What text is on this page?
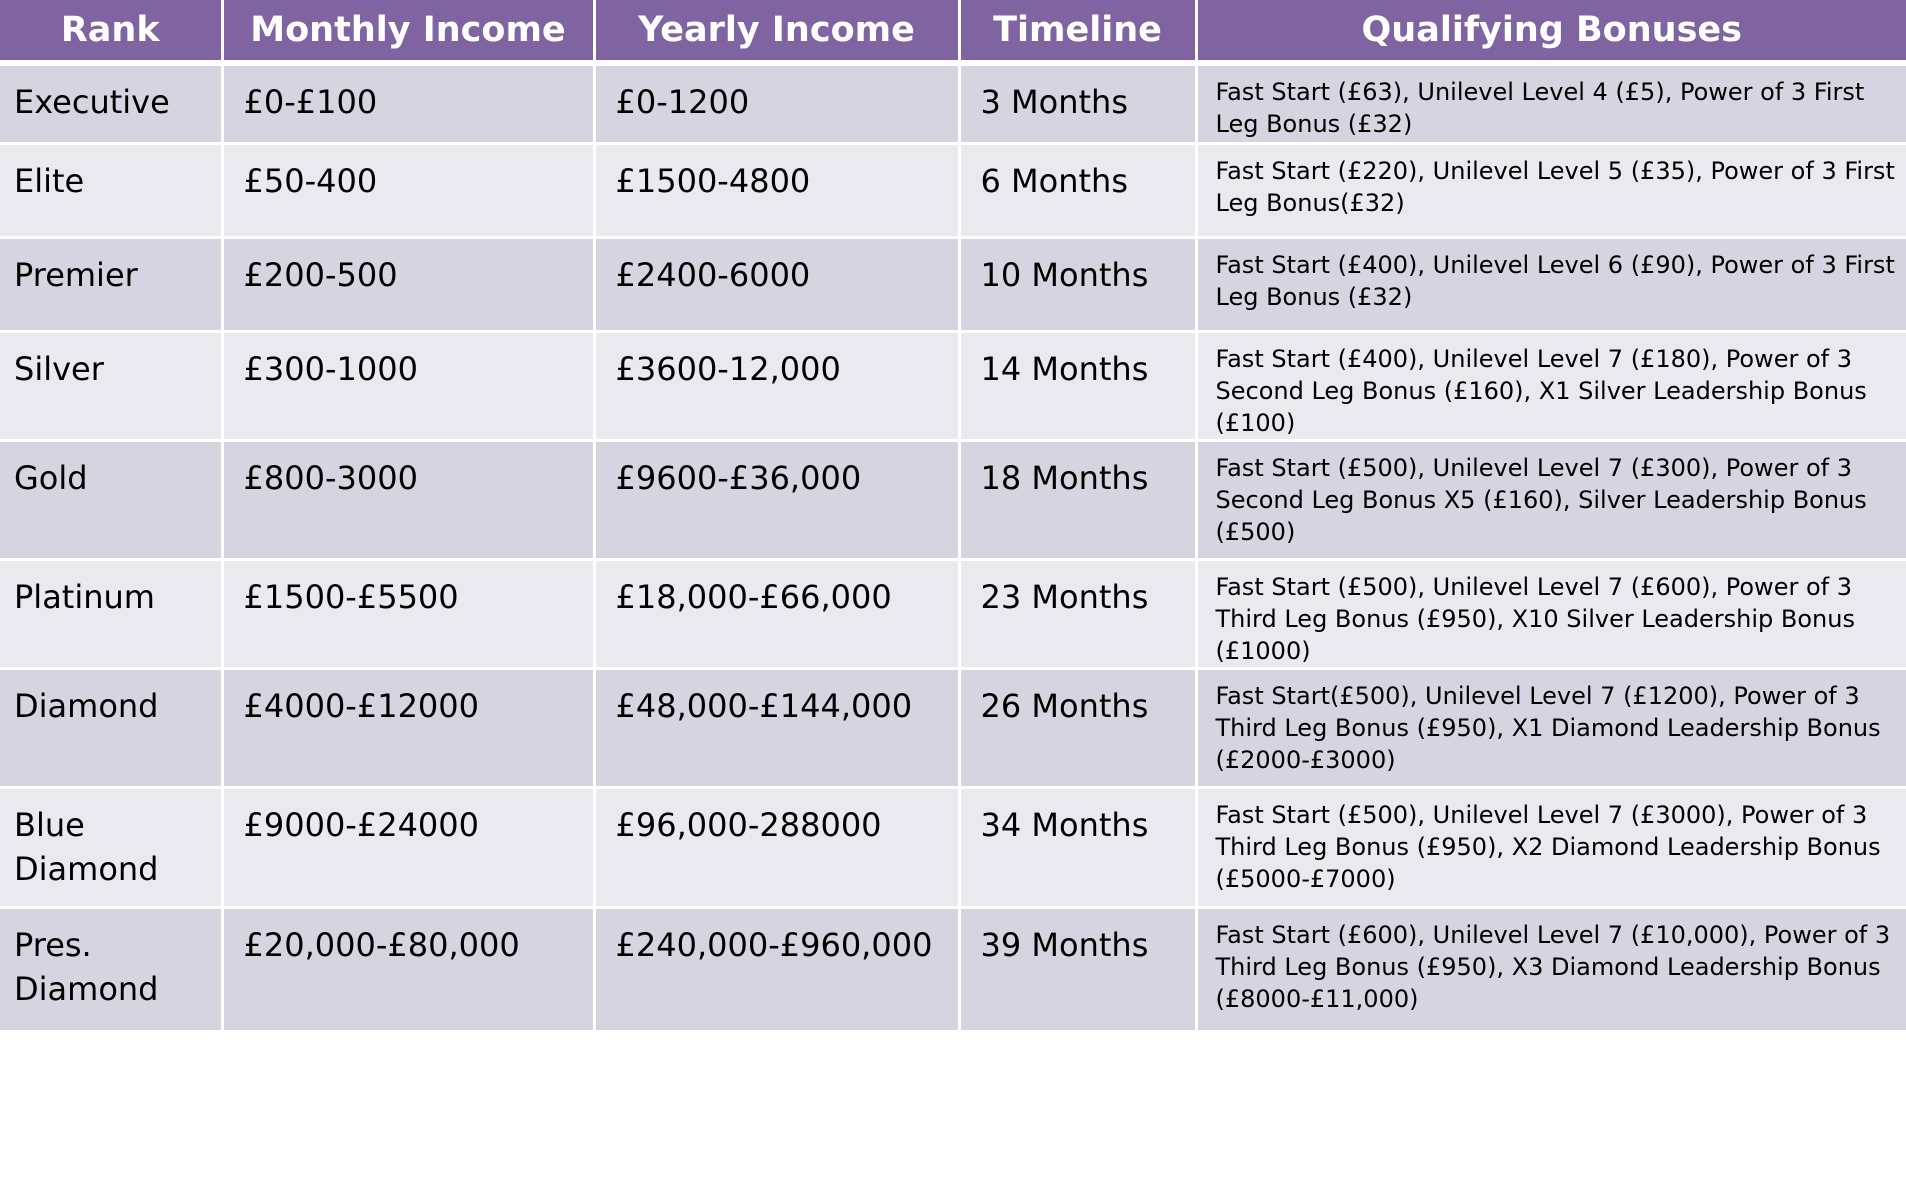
Rank	Monthly Income	Yearly Income	Timeline	Qualifying Bonuses
Executive	£0-£100	£0-1200	3 Months	Fast Start (£63), Unilevel Level 4 (£5), Power of 3 First Leg Bonus (£32)
Elite	£50-400	£1500-4800	6 Months	Fast Start (£220), Unilevel Level 5 (£35), Power of 3 First Leg Bonus(£32)
Premier	£200-500	£2400-6000	10 Months	Fast Start (£400), Unilevel Level 6 (£90), Power of 3 First Leg Bonus (£32)
Silver	£300-1000	£3600-12,000	14 Months	Fast Start (£400), Unilevel Level 7 (£180), Power of 3 Second Leg Bonus (£160), X1 Silver Leadership Bonus (£100)
Gold	£800-3000	£9600-£36,000	18 Months	Fast Start (£500), Unilevel Level 7 (£300), Power of 3 Second Leg Bonus X5 (£160), Silver Leadership Bonus (£500)
Platinum	£1500-£5500	£18,000-£66,000	23 Months	Fast Start (£500), Unilevel Level 7 (£600), Power of 3 Third Leg Bonus (£950), X10 Silver Leadership Bonus (£1000)
Diamond	£4000-£12000	£48,000-£144,000	26 Months	Fast Start(£500), Unilevel Level 7 (£1200), Power of 3 Third Leg Bonus (£950), X1 Diamond Leadership Bonus (£2000-£3000)
Blue Diamond	£9000-£24000	£96,000-288000	34 Months	Fast Start (£500), Unilevel Level 7 (£3000), Power of 3 Third Leg Bonus (£950), X2 Diamond Leadership Bonus (£5000-£7000)
Pres. Diamond	£20,000-£80,000	£240,000-£960,000	39 Months	Fast Start (£600), Unilevel Level 7 (£10,000), Power of 3 Third Leg Bonus (£950), X3 Diamond Leadership Bonus (£8000-£11,000)
